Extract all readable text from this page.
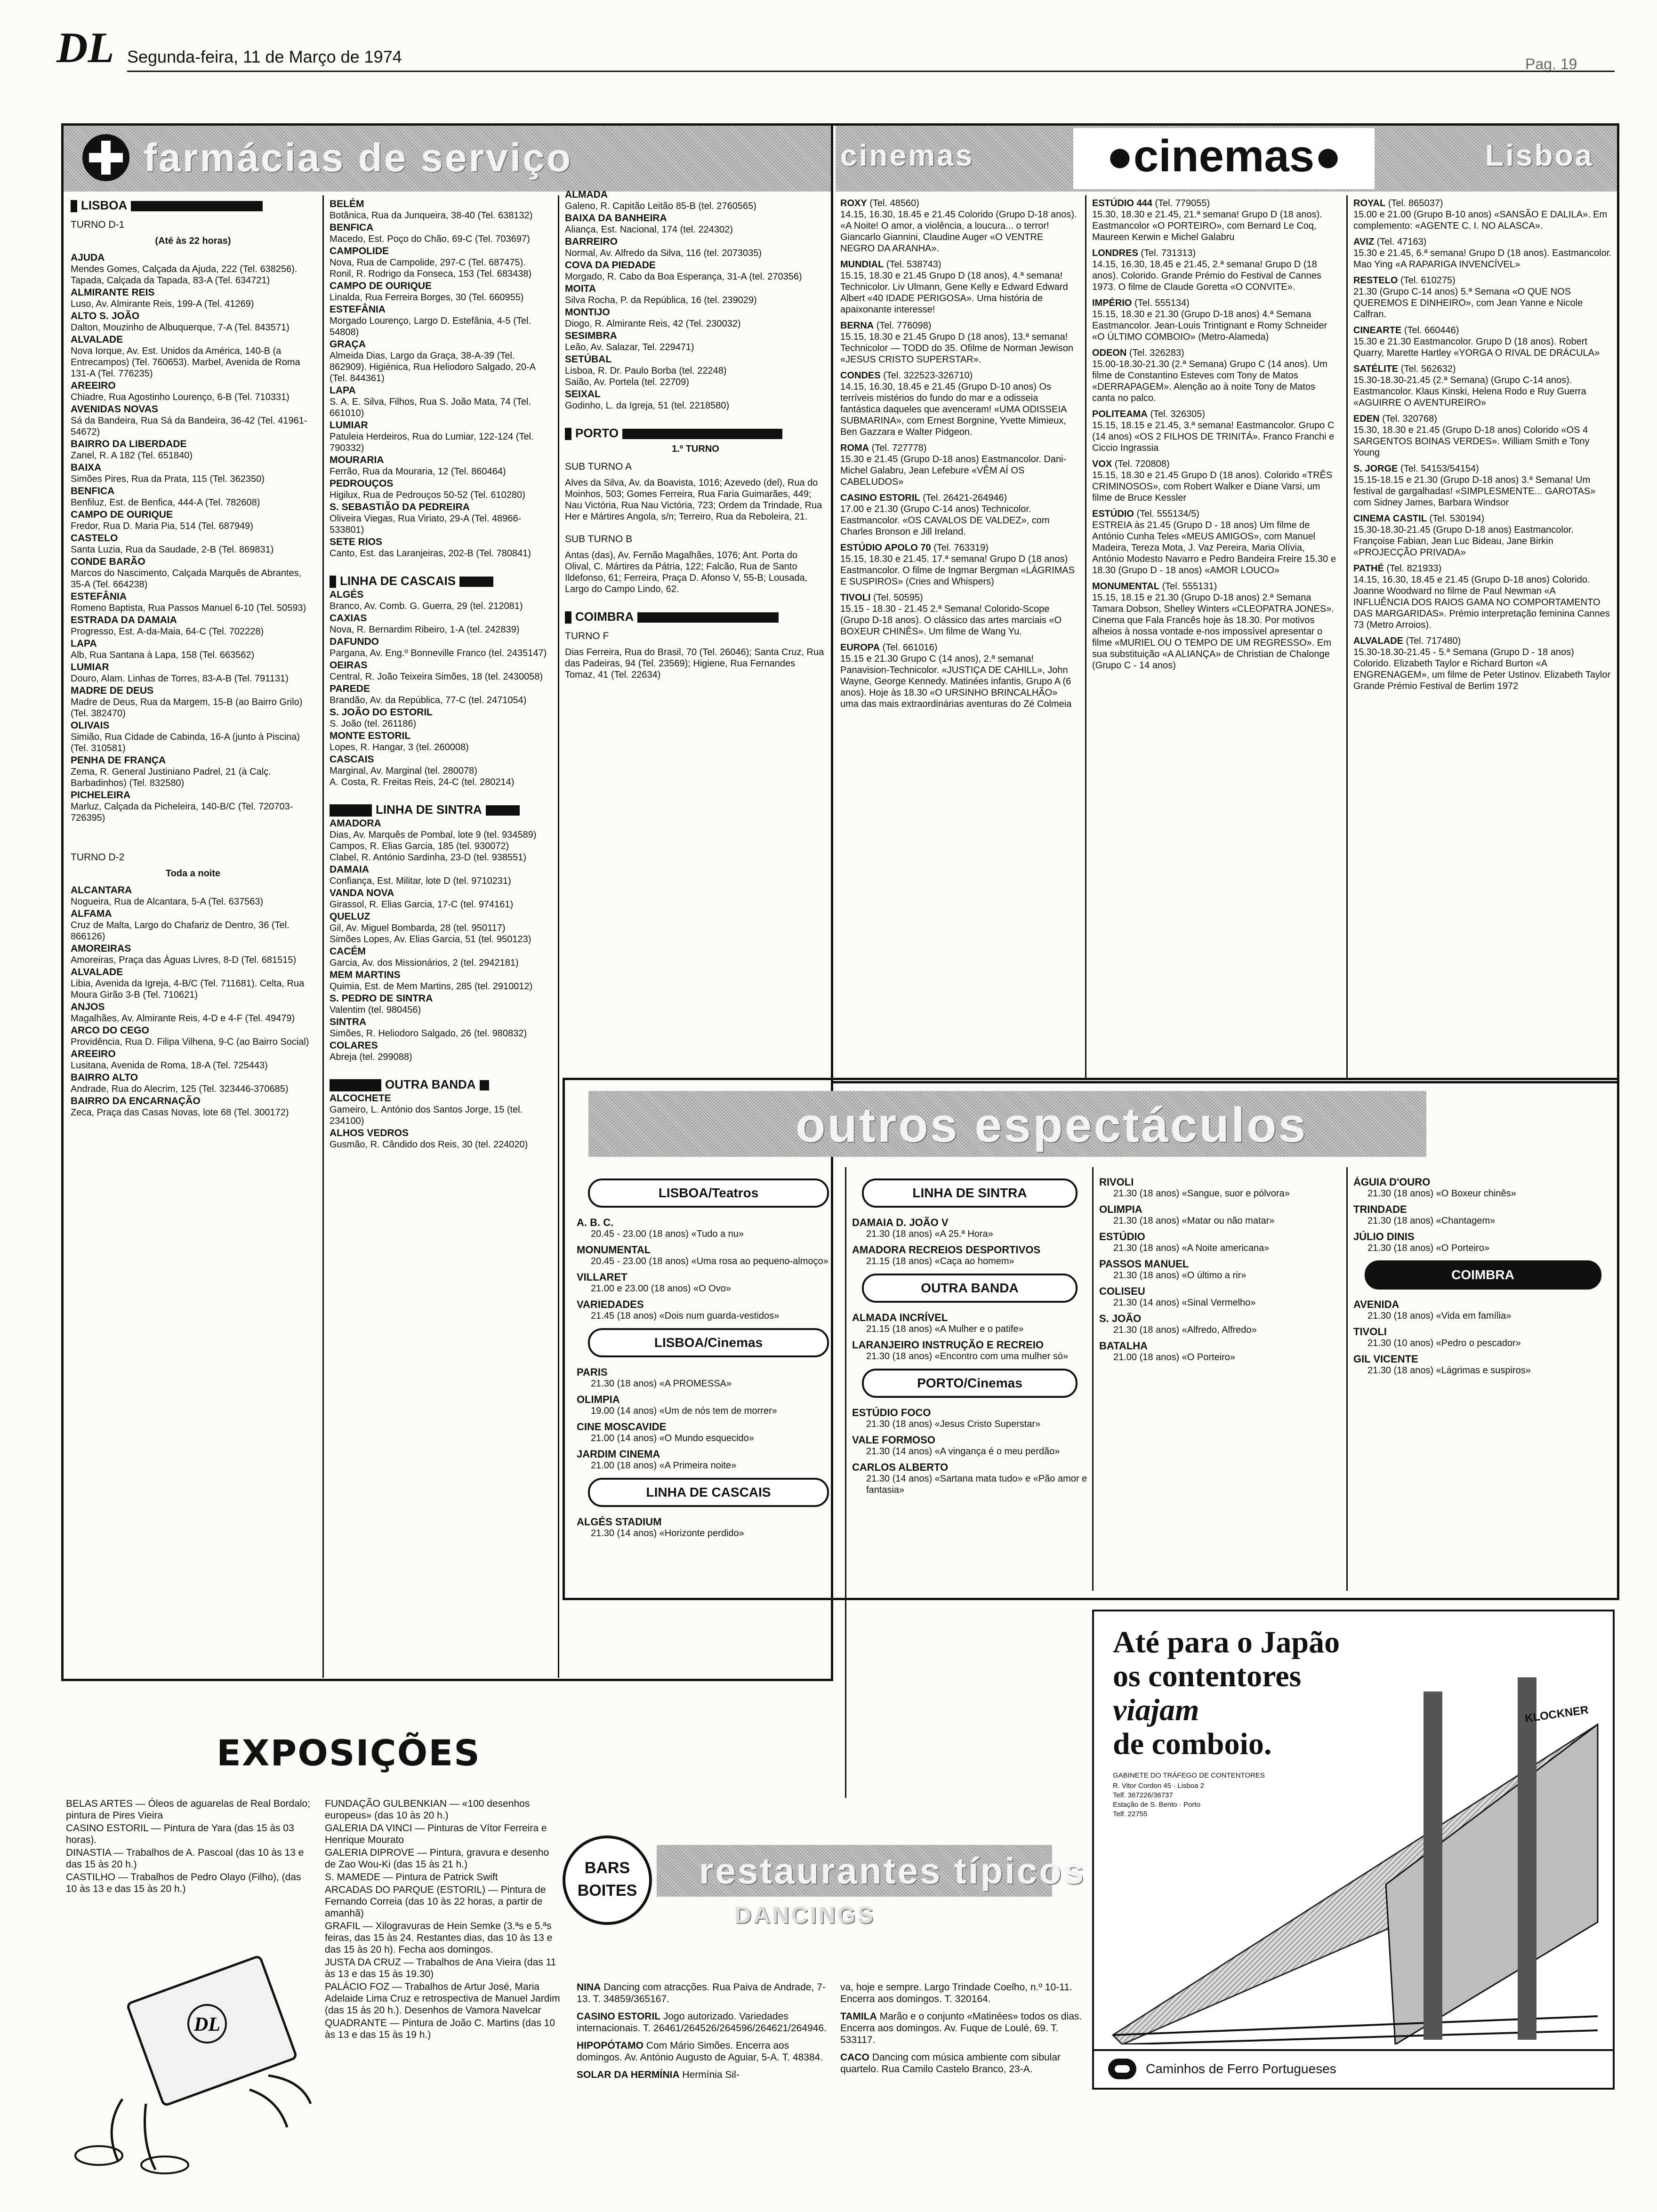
DL Segunda-feira, 11 de Março de 1974	Pag. 19
farmácias de serviço
LISBOA
TURNO D-1
(Até às 22 horas)
AJUDA

Mendes Gomes, Calçada da Ajuda, 222 (Tel. 638256). Tapada, Calçada da Tapada, 83-A (Tel. 634721)

ALMIRANTE REIS

Luso, Av. Almirante Reis, 199-A (Tel. 41269)

ALTO S. JOÃO

Dalton, Mouzinho de Albuquerque, 7-A (Tel. 843571)

ALVALADE

Nova Iorque, Av. Est. Unidos da América, 140-B (a Entrecampos) (Tel. 760653). Marbel, Avenida de Roma 131-A (Tel. 776235)

AREEIRO

Chiadre, Rua Agostinho Lourenço, 6-B (Tel. 710331)

AVENIDAS NOVAS

Sá da Bandeira, Rua Sá da Bandeira, 36-42 (Tel. 41961-54672)

BAIRRO DA LIBERDADE

Zanel, R. A 182 (Tel. 651840)

BAIXA

Simões Pires, Rua da Prata, 115 (Tel. 362350)

BENFICA

Benfiluz, Est. de Benfica, 444-A (Tel. 782608)

CAMPO DE OURIQUE

Fredor, Rua D. Maria Pia, 514 (Tel. 687949)

CASTELO

Santa Luzia, Rua da Saudade, 2-B (Tel. 869831)

CONDE BARÃO

Marcos do Nascimento, Calçada Marquês de Abrantes, 35-A (Tel. 664238)

ESTEFÂNIA

Romeno Baptista, Rua Passos Manuel 6-10 (Tel. 50593)

ESTRADA DA DAMAIA

Progresso, Est. A-da-Maia, 64-C (Tel. 702228)

LAPA

Alb, Rua Santana à Lapa, 158 (Tel. 663562)

LUMIAR

Douro, Alam. Linhas de Torres, 83-A-B (Tel. 791131)

MADRE DE DEUS

Madre de Deus, Rua da Margem, 15-B (ao Bairro Grilo) (Tel. 382470)

OLIVAIS

Simião, Rua Cidade de Cabinda, 16-A (junto à Piscina) (Tel. 310581)

PENHA DE FRANÇA

Zema, R. General Justiniano Padrel, 21 (à Calç. Barbadinhos) (Tel. 832580)

PICHELEIRA

Marluz, Calçada da Picheleira, 140-B/C (Tel. 720703-726395)

TURNO D-2
Toda a noite
ALCANTARA

Nogueira, Rua de Alcantara, 5-A (Tel. 637563)

ALFAMA

Cruz de Malta, Largo do Chafariz de Dentro, 36 (Tel. 866126)

AMOREIRAS

Amoreiras, Praça das Águas Livres, 8-D (Tel. 681515)

ALVALADE

Libia, Avenida da Igreja, 4-B/C (Tel. 711681). Celta, Rua Moura Girão 3-B (Tel. 710621)

ANJOS

Magalhães, Av. Almirante Reis, 4-D e 4-F (Tel. 49479)

ARCO DO CEGO

Providência, Rua D. Filipa Vilhena, 9-C (ao Bairro Social)

AREEIRO

Lusitana, Avenida de Roma, 18-A (Tel. 725443)

BAIRRO ALTO

Andrade, Rua do Alecrim, 125 (Tel. 323446-370685)

BAIRRO DA ENCARNAÇÃO

Zeca, Praça das Casas Novas, lote 68 (Tel. 300172)

BELÉM

Botânica, Rua da Junqueira, 38-40 (Tel. 638132)

BENFICA

Macedo, Est. Poço do Chão, 69-C (Tel. 703697)

CAMPOLIDE

Nova, Rua de Campolide, 297-C (Tel. 687475). Ronil, R. Rodrigo da Fonseca, 153 (Tel. 683438)

CAMPO DE OURIQUE

Linalda, Rua Ferreira Borges, 30 (Tel. 660955)

ESTEFÂNIA

Morgado Lourenço, Largo D. Estefânia, 4-5 (Tel. 54808)

GRAÇA

Almeida Dias, Largo da Graça, 38-A-39 (Tel. 862909). Higiénica, Rua Heliodoro Salgado, 20-A (Tel. 844361)

LAPA

S. A. E. Silva, Filhos, Rua S. João Mata, 74 (Tel. 661010)

LUMIAR

Patuleia Herdeiros, Rua do Lumiar, 122-124 (Tel. 790332)

MOURARIA

Ferrão, Rua da Mouraria, 12 (Tel. 860464)

PEDROUÇOS

Higilux, Rua de Pedrouços 50-52 (Tel. 610280)

S. SEBASTIÃO DA PEDREIRA

Oliveira Viegas, Rua Viriato, 29-A (Tel. 48966-533801)

SETE RIOS

Canto, Est. das Laranjeiras, 202-B (Tel. 780841)

LINHA DE CASCAIS
ALGÉS

Branco, Av. Comb. G. Guerra, 29 (tel. 212081)

CAXIAS

Nova, R. Bernardim Ribeiro, 1-A (tel. 242839)

DAFUNDO

Pargana, Av. Eng.º Bonneville Franco (tel. 2435147)

OEIRAS

Central, R. João Teixeira Simões, 18 (tel. 2430058)

PAREDE

Brandão, Av. da República, 77-C (tel. 2471054)

S. JOÃO DO ESTORIL

S. João (tel. 261186)

MONTE ESTORIL

Lopes, R. Hangar, 3 (tel. 260008)

CASCAIS

Marginal, Av. Marginal (tel. 280078)

A. Costa, R. Freitas Reis, 24-C (tel. 280214)

LINHA DE SINTRA
AMADORA

Dias, Av. Marquês de Pombal, lote 9 (tel. 934589)

Campos, R. Elias Garcia, 185 (tel. 930072)

Clabel, R. António Sardinha, 23-D (tel. 938551)

DAMAIA

Confiança, Est. Militar, lote D (tel. 9710231)

VANDA NOVA

Girassol, R. Elias Garcia, 17-C (tel. 974161)

QUELUZ

Gil, Av. Miguel Bombarda, 28 (tel. 950117)

Simões Lopes, Av. Elias Garcia, 51 (tel. 950123)

CACÉM

Garcia, Av. dos Missionários, 2 (tel. 2942181)

MEM MARTINS

Quimia, Est. de Mem Martins, 285 (tel. 2910012)

S. PEDRO DE SINTRA

Valentim (tel. 980456)

SINTRA

Simões, R. Heliodoro Salgado, 26 (tel. 980832)

COLARES

Abreja (tel. 299088)

OUTRA BANDA
ALCOCHETE

Gameiro, L. António dos Santos Jorge, 15 (tel. 234100)

ALHOS VEDROS

Gusmão, R. Cândido dos Reis, 30 (tel. 224020)

ALMADA

Galeno, R. Capitão Leitão 85-B (tel. 2760565)

BAIXA DA BANHEIRA

Aliança, Est. Nacional, 174 (tel. 224302)

BARREIRO

Normal, Av. Alfredo da Silva, 116 (tel. 2073035)

COVA DA PIEDADE

Morgado, R. Cabo da Boa Esperança, 31-A (tel. 270356)

MOITA

Silva Rocha, P. da República, 16 (tel. 239029)

MONTIJO

Diogo, R. Almirante Reis, 42 (Tel. 230032)

SESIMBRA

Leão, Av. Salazar, Tel. 229471)

SETÚBAL

Lisboa, R. Dr. Paulo Borba (tel. 22248)

Saião, Av. Portela (tel. 22709)

SEIXAL

Godinho, L. da Igreja, 51 (tel. 2218580)

PORTO
1.º TURNO
SUB TURNO A

Alves da Silva, Av. da Boavista, 1016; Azevedo (del), Rua do Moinhos, 503; Gomes Ferreira, Rua Faria Guimarães, 449; Nau Victória, Rua Nau Victória, 723; Ordem da Trindade, Rua Her e Mártires Angola, s/n; Terreiro, Rua da Reboleira, 21.

SUB TURNO B

Antas (das), Av. Fernão Magalhães, 1076; Ant. Porta do Olival, C. Mártires da Pátria, 122; Falcão, Rua de Santo Ildefonso, 61; Ferreira, Praça D. Afonso V, 55-B; Lousada, Largo do Campo Lindo, 62.

COIMBRA
TURNO F

Dias Ferreira, Rua do Brasil, 70 (Tel. 26046); Santa Cruz, Rua das Padeiras, 94 (Tel. 23569); Higiene, Rua Fernandes Tomaz, 41 (Tel. 22634)

cinemas	Lisboa
●cinemas●
ROXY (Tel. 48560)
14.15, 16.30, 18.45 e 21.45 Colorido (Grupo D-18 anos). «A Noite! O amor, a violência, a loucura... o terror! Giancarlo Giannini, Claudine Auger «O VENTRE NEGRO DA ARANHA».
MUNDIAL (Tel. 538743)
15.15, 18.30 e 21.45 Grupo D (18 anos), 4.ª semana! Technicolor. Liv Ulmann, Gene Kelly e Edward Edward Albert «40 IDADE PERIGOSA». Uma história de apaixonante interesse!
BERNA (Tel. 776098)
15.15, 18.30 e 21.45 Grupo D (18 anos), 13.ª semana! Technicolor — TODD do 35. Ofilme de Norman Jewison «JESUS CRISTO SUPERSTAR».
CONDES (Tel. 322523-326710)
14.15, 16.30, 18.45 e 21.45 (Grupo D-10 anos) Os terríveis mistérios do fundo do mar e a odisseia fantástica daqueles que avenceram! «UMA ODISSEIA SUBMARINA», com Ernest Borgnine, Yvette Mimieux, Ben Gazzara e Walter Pidgeon.
ROMA (Tel. 727778)
15.30 e 21.45 (Grupo D-18 anos) Eastmancolor. Dani-Michel Galabru, Jean Lefebure «VÊM AÍ OS CABELUDOS»
CASINO ESTORIL (Tel. 26421-264946)
17.00 e 21.30 (Grupo C-14 anos) Technicolor. Eastmancolor. «OS CAVALOS DE VALDEZ», com Charles Bronson e Jill Ireland.
ESTÚDIO APOLO 70 (Tel. 763319)
15.15, 18.30 e 21.45. 17.ª semana! Grupo D (18 anos) Eastmancolor. O filme de Ingmar Bergman «LÁGRIMAS E SUSPIROS» (Cries and Whispers)
TIVOLI (Tel. 50595)
15.15 - 18.30 - 21.45 2.ª Semana! Colorido-Scope (Grupo D-18 anos). O clássico das artes marciais «O BOXEUR CHINÊS». Um filme de Wang Yu.
EUROPA (Tel. 661016)
15.15 e 21.30 Grupo C (14 anos), 2.ª semana! Panavision-Technicolor. «JUSTIÇA DE CAHILL», John Wayne, George Kennedy. Matinées infantis, Grupo A (6 anos). Hoje às 18.30 «O URSINHO BRINCALHÃO» uma das mais extraordinárias aventuras do Zé Colmeia
ESTÚDIO 444 (Tel. 779055)
15.30, 18.30 e 21.45, 21.ª semana! Grupo D (18 anos). Eastmancolor «O PORTEIRO», com Bernard Le Coq, Maureen Kerwin e Michel Galabru
LONDRES (Tel. 731313)
14.15, 16.30, 18.45 e 21.45, 2.ª semana! Grupo D (18 anos). Colorido. Grande Prémio do Festival de Cannes 1973. O filme de Claude Goretta «O CONVITE».
IMPÉRIO (Tel. 555134)
15.15, 18.30 e 21.30 (Grupo D-18 anos) 4.ª Semana Eastmancolor. Jean-Louis Trintignant e Romy Schneider «O ÚLTIMO COMBOIO» (Metro-Alameda)
ODEON (Tel. 326283)
15.00-18.30-21.30 (2.ª Semana) Grupo C (14 anos). Um filme de Constantino Esteves com Tony de Matos «DERRAPAGEM». Alenção ao à noite Tony de Matos canta no palco.
POLITEAMA (Tel. 326305)
15.15, 18.15 e 21.45, 3.ª semana! Eastmancolor. Grupo C (14 anos) «OS 2 FILHOS DE TRINITÁ». Franco Franchi e Ciccio Ingrassia
VOX (Tel. 720808)
15.15, 18.30 e 21.45 Grupo D (18 anos). Colorido «TRÊS CRIMINOSOS», com Robert Walker e Diane Varsi, um filme de Bruce Kessler
ESTÚDIO (Tel. 555134/5)
ESTREIA às 21.45 (Grupo D - 18 anos) Um filme de António Cunha Teles «MEUS AMIGOS», com Manuel Madeira, Tereza Mota, J. Vaz Pereira, Maria Olívia, António Modesto Navarro e Pedro Bandeira Freire 15.30 e 18.30 (Grupo D - 18 anos) «AMOR LOUCO»
MONUMENTAL (Tel. 555131)
15.15, 18.15 e 21.30 (Grupo D-18 anos) 2.ª Semana Tamara Dobson, Shelley Winters «CLEOPATRA JONES». Cinema que Fala Francês hoje às 18.30. Por motivos alheios à nossa vontade e-nos impossível apresentar o filme «MURIEL OU O TEMPO DE UM REGRESSO». Em sua substituição «A ALIANÇA» de Christian de Chalonge (Grupo C - 14 anos)
ROYAL (Tel. 865037)
15.00 e 21.00 (Grupo B-10 anos) «SANSÃO E DALILA». Em complemento: «AGENTE C. I. NO ALASCA».
AVIZ (Tel. 47163)
15.30 e 21.45, 6.ª semana! Grupo D (18 anos). Eastmancolor. Mao Ying «A RAPARIGA INVENCÍVEL»
RESTELO (Tel. 610275)
21.30 (Grupo C-14 anos) 5.ª Semana «O QUE NOS QUEREMOS E DINHEIRO», com Jean Yanne e Nicole Calfran.
CINEARTE (Tel. 660446)
15.30 e 21.30 Eastmancolor. Grupo D (18 anos). Robert Quarry, Marette Hartley «YORGA O RIVAL DE DRÁCULA»
SATÉLITE (Tel. 562632)
15.30-18.30-21.45 (2.ª Semana) (Grupo C-14 anos). Eastmancolor. Klaus Kinski, Helena Rodo e Ruy Guerra «AGUIRRE O AVENTUREIRO»
EDEN (Tel. 320768)
15.30, 18.30 e 21.45 (Grupo D-18 anos) Colorido «OS 4 SARGENTOS BOINAS VERDES». William Smith e Tony Young
S. JORGE (Tel. 54153/54154)
15.15-18.15 e 21.30 (Grupo D-18 anos) 3.ª Semana! Um festival de gargalhadas! «SIMPLESMENTE... GAROTAS» com Sidney James, Barbara Windsor
CINEMA CASTIL (Tel. 530194)
15.30-18.30-21.45 (Grupo D-18 anos) Eastmancolor. Françoise Fabian, Jean Luc Bideau, Jane Birkin «PROJECÇÃO PRIVADA»
PATHÉ (Tel. 821933)
14.15, 16.30, 18.45 e 21.45 (Grupo D-18 anos) Colorido. Joanne Woodward no filme de Paul Newman «A INFLUÊNCIA DOS RAIOS GAMA NO COMPORTAMENTO DAS MARGARIDAS». Prémio interpretação feminina Cannes 73 (Metro Arroios).
ALVALADE (Tel. 717480)
15.30-18.30-21.45 - 5.ª Semana (Grupo D - 18 anos) Colorido. Elizabeth Taylor e Richard Burton «A ENGRENAGEM», um filme de Peter Ustinov. Elizabeth Taylor Grande Prémio Festival de Berlim 1972
outros espectáculos
LISBOA/Teatros
A. B. C.
20.45 - 23.00 (18 anos) «Tudo a nu»
MONUMENTAL
20.45 - 23.00 (18 anos) «Uma rosa ao pequeno-almoço»
VILLARET
21.00 e 23.00 (18 anos) «O Ovo»
VARIEDADES
21.45 (18 anos) «Dois num guarda-vestidos»
LISBOA/Cinemas
PARIS
21.30 (18 anos) «A PROMESSA»
OLIMPIA
19.00 (14 anos) «Um de nós tem de morrer»
CINE MOSCAVIDE
21.00 (14 anos) «O Mundo esquecido»
JARDIM CINEMA
21.00 (18 anos) «A Primeira noite»
LINHA DE CASCAIS
ALGÉS STADIUM
21.30 (14 anos) «Horizonte perdido»
LINHA DE SINTRA
DAMAIA D. JOÃO V
21.30 (18 anos) «A 25.ª Hora»
AMADORA RECREIOS DESPORTIVOS
21.15 (18 anos) «Caça ao homem»
OUTRA BANDA
ALMADA INCRÍVEL
21.15 (18 anos) «A Mulher e o patife»
LARANJEIRO INSTRUÇÃO E RECREIO
21.30 (18 anos) «Encontro com uma mulher só»
PORTO/Cinemas
ESTÚDIO FOCO
21.30 (18 anos) «Jesus Cristo Superstar»
VALE FORMOSO
21.30 (14 anos) «A vingança é o meu perdão»
CARLOS ALBERTO
21.30 (14 anos) «Sartana mata tudo» e «Pão amor e fantasia»
RIVOLI
21.30 (18 anos) «Sangue, suor e pólvora»
OLIMPIA
21.30 (18 anos) «Matar ou não matar»
ESTÚDIO
21.30 (18 anos) «A Noite americana»
PASSOS MANUEL
21.30 (18 anos) «O último a rir»
COLISEU
21.30 (14 anos) «Sinal Vermelho»
S. JOÃO
21.30 (18 anos) «Alfredo, Alfredo»
BATALHA
21.00 (18 anos) «O Porteiro»
ÁGUIA D'OURO
21.30 (18 anos) «O Boxeur chinês»
TRINDADE
21.30 (18 anos) «Chantagem»
JÚLIO DINIS
21.30 (18 anos) «O Porteiro»
COIMBRA
AVENIDA
21.30 (18 anos) «Vida em família»
TIVOLI
21.30 (10 anos) «Pedro o pescador»
GIL VICENTE
21.30 (18 anos) «Lágrimas e suspiros»
Até para o Japão
os contentores
viajam
de comboio.
GABINETE DO TRÁFEGO DE CONTENTORES
R. Vitor Cordon 45 · Lisboa 2
Telf. 367226/36737
Estação de S. Bento · Porto
Telf. 22755
KLOCKNER
Caminhos de Ferro Portugueses
EXPOSIÇÕES

BELAS ARTES — Óleos de aguarelas de Real Bordalo; pintura de Pires Vieira

CASINO ESTORIL — Pintura de Yara (das 15 às 03 horas).

DINASTIA — Trabalhos de A. Pascoal (das 10 às 13 e das 15 às 20 h.)

CASTILHO — Trabalhos de Pedro Olayo (Filho), (das 10 às 13 e das 15 às 20 h.)

FUNDAÇÃO GULBENKIAN — «100 desenhos europeus» (das 10 às 20 h.)

GALERIA DA VINCI — Pinturas de Vítor Ferreira e Henrique Mourato

GALERIA DIPROVE — Pintura, gravura e desenho de Zao Wou-Ki (das 15 às 21 h.)

S. MAMEDE — Pintura de Patrick Swift

ARCADAS DO PARQUE (ESTORIL) — Pintura de Fernando Correia (das 10 às 22 horas, a partir de amanhã)

GRAFIL — Xilogravuras de Hein Semke (3.ªs e 5.ªs feiras, das 15 às 24. Restantes dias, das 10 às 13 e das 15 às 20 h). Fecha aos domingos.

JUSTA DA CRUZ — Trabalhos de Ana Vieira (das 11 às 13 e das 15 às 19.30)

PALÁCIO FOZ — Trabalhos de Artur José, Maria Adelaide Lima Cruz e retrospectiva de Manuel Jardim (das 15 às 20 h.). Desenhos de Vamora Navelcar

QUADRANTE — Pintura de João C. Martins (das 10 às 13 e das 15 às 19 h.)

DL
BARS
BOITES	restaurantes típicos
DANCINGS

NINA Dancing com atracções. Rua Paiva de Andrade, 7-13. T. 34859/365167.

CASINO ESTORIL Jogo autorizado. Variedades internacionais. T. 26461/264526/264596/264621/264946.

HIPOPÓTAMO Com Mário Simões. Encerra aos domingos. Av. António Augusto de Aguiar, 5-A. T. 48384.

SOLAR DA HERMÍNIA Hermínia Sil-

va, hoje e sempre. Largo Trindade Coelho, n.º 10-11. Encerra aos domingos. T. 320164.

TAMILA Marão e o conjunto «Matinées» todos os dias. Encerra aos domingos. Av. Fuque de Loulé, 69. T. 533117.

CACO Dancing com música ambiente com sibular quartelo. Rua Camilo Castelo Branco, 23-A.
